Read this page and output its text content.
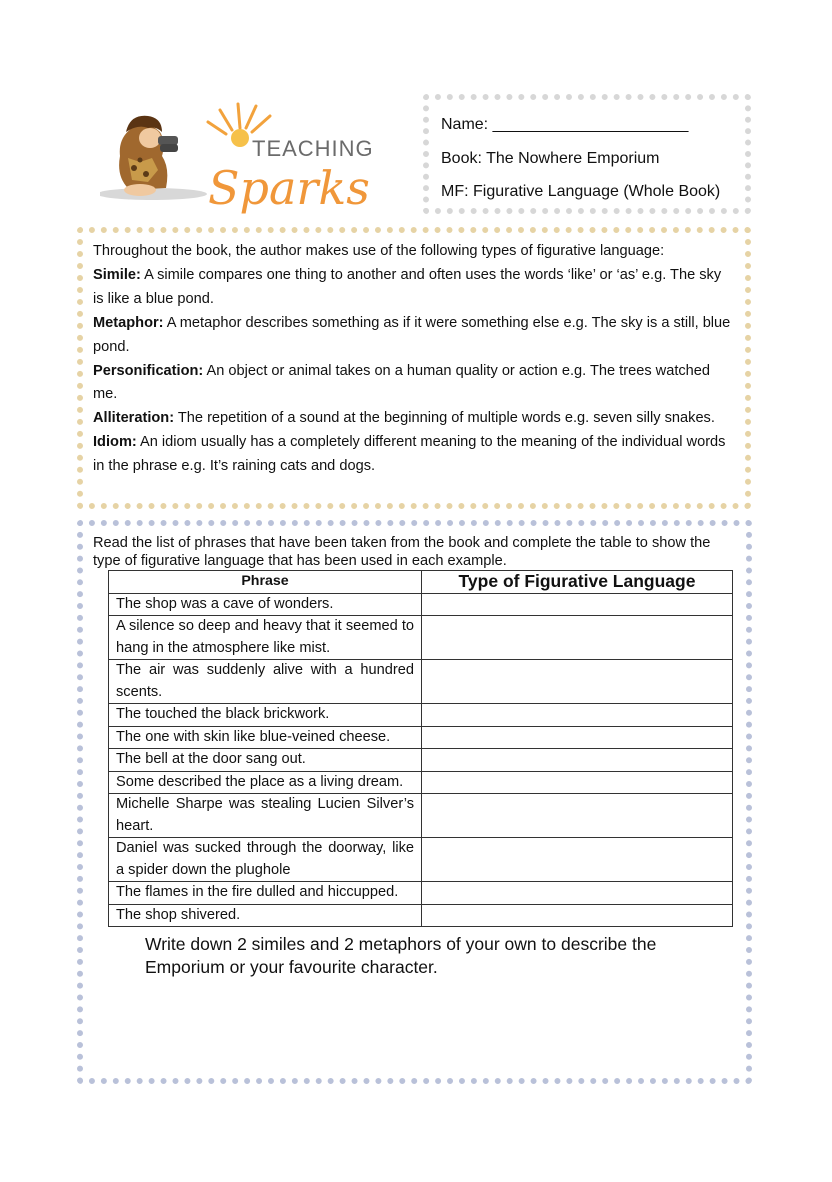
TEACHING
Sparks
Name: ______________________
Book: The Nowhere Emporium
MF: Figurative Language (Whole Book)

Throughout the book, the author makes use of the following types of figurative language:

Simile: A simile compares one thing to another and often uses the words ‘like’ or ‘as’ e.g. The sky is like a blue pond.

Metaphor: A metaphor describes something as if it were something else e.g. The sky is a still, blue pond.

Personification: An object or animal takes on a human quality or action e.g. The trees watched me.

Alliteration: The repetition of a sound at the beginning of multiple words e.g. seven silly snakes.

Idiom: An idiom usually has a completely different meaning to the meaning of the individual words in the phrase e.g. It’s raining cats and dogs.

Read the list of phrases that have been taken from the book and complete the table to show the type of figurative language that has been used in each example.

Phrase	Type of Figurative Language
The shop was a cave of wonders.	
A silence so deep and heavy that it seemed to hang in the atmosphere like mist.	
The air was suddenly alive with a hundred scents.	
The touched the black brickwork.	
The one with skin like blue-veined cheese.	
The bell at the door sang out.	
Some described the place as a living dream.	
Michelle Sharpe was stealing Lucien Silver’s heart.	
Daniel was sucked through the doorway, like a spider down the plughole	
The flames in the fire dulled and hiccupped.	
The shop shivered.	

Write down 2 similes and 2 metaphors of your own to describe the Emporium or your favourite character.
